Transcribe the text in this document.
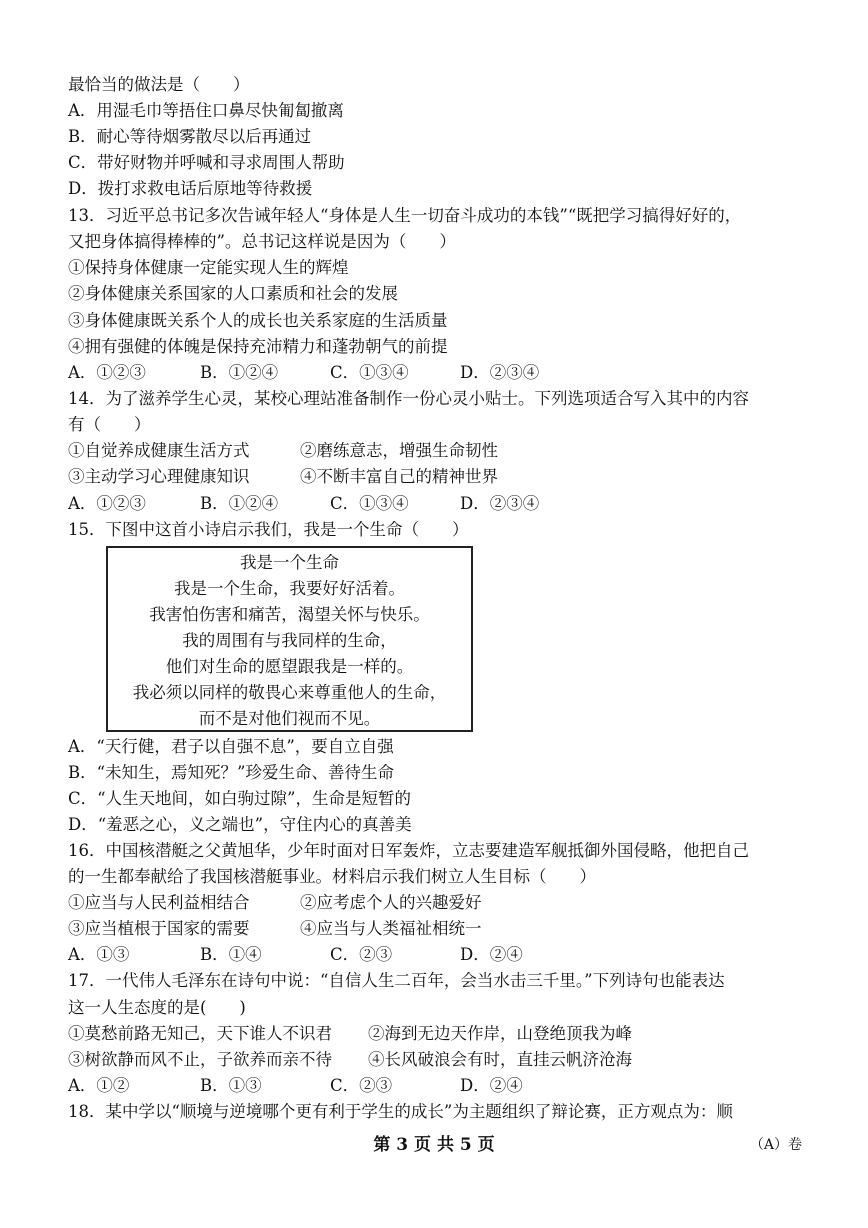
最恰当的做法是（　　）
A．用湿毛巾等捂住口鼻尽快匍匐撤离
B．耐心等待烟雾散尽以后再通过
C．带好财物并呼喊和寻求周围人帮助
D．拨打求救电话后原地等待救援
13．习近平总书记多次告诫年轻人“身体是人生一切奋斗成功的本钱”“既把学习搞得好好的，
又把身体搞得棒棒的”。总书记这样说是因为（　　）
①保持身体健康一定能实现人生的辉煌
②身体健康关系国家的人口素质和社会的发展
③身体健康既关系个人的成长也关系家庭的生活质量
④拥有强健的体魄是保持充沛精力和蓬勃朝气的前提
A．①②③	B．①②④	C．①③④	D．②③④
14．为了滋养学生心灵，某校心理站准备制作一份心灵小贴士。下列选项适合写入其中的内容
有（　　）
①自觉养成健康生活方式	②磨练意志，增强生命韧性
③主动学习心理健康知识	④不断丰富自己的精神世界
A．①②③	B．①②④	C．①③④	D．②③④
15．下图中这首小诗启示我们，我是一个生命（　　）
我是一个生命
我是一个生命，我要好好活着。
我害怕伤害和痛苦，渴望关怀与快乐。
我的周围有与我同样的生命，
他们对生命的愿望跟我是一样的。
我必须以同样的敬畏心来尊重他人的生命，
而不是对他们视而不见。
A．“天行健，君子以自强不息”，要自立自强
B．“未知生，焉知死？”珍爱生命、善待生命
C．“人生天地间，如白驹过隙”，生命是短暂的
D．“羞恶之心，义之端也”，守住内心的真善美
16．中国核潜艇之父黄旭华，少年时面对日军轰炸，立志要建造军舰抵御外国侵略，他把自己
的一生都奉献给了我国核潜艇事业。材料启示我们树立人生目标（　　）
①应当与人民利益相结合	②应考虑个人的兴趣爱好
③应当植根于国家的需要	④应当与人类福祉相统一
A．①③	B．①④	C．②③	D．②④
17．一代伟人毛泽东在诗句中说：“自信人生二百年，会当水击三千里。”下列诗句也能表达
这一人生态度的是(　　)
①莫愁前路无知己，天下谁人不识君	②海到无边天作岸，山登绝顶我为峰
③树欲静而风不止，子欲养而亲不待	④长风破浪会有时，直挂云帆济沧海
A．①②	B．①③	C．②③	D．②④
18．某中学以“顺境与逆境哪个更有利于学生的成长”为主题组织了辩论赛，正方观点为：顺
第 3 页 共 5 页	（A）卷
